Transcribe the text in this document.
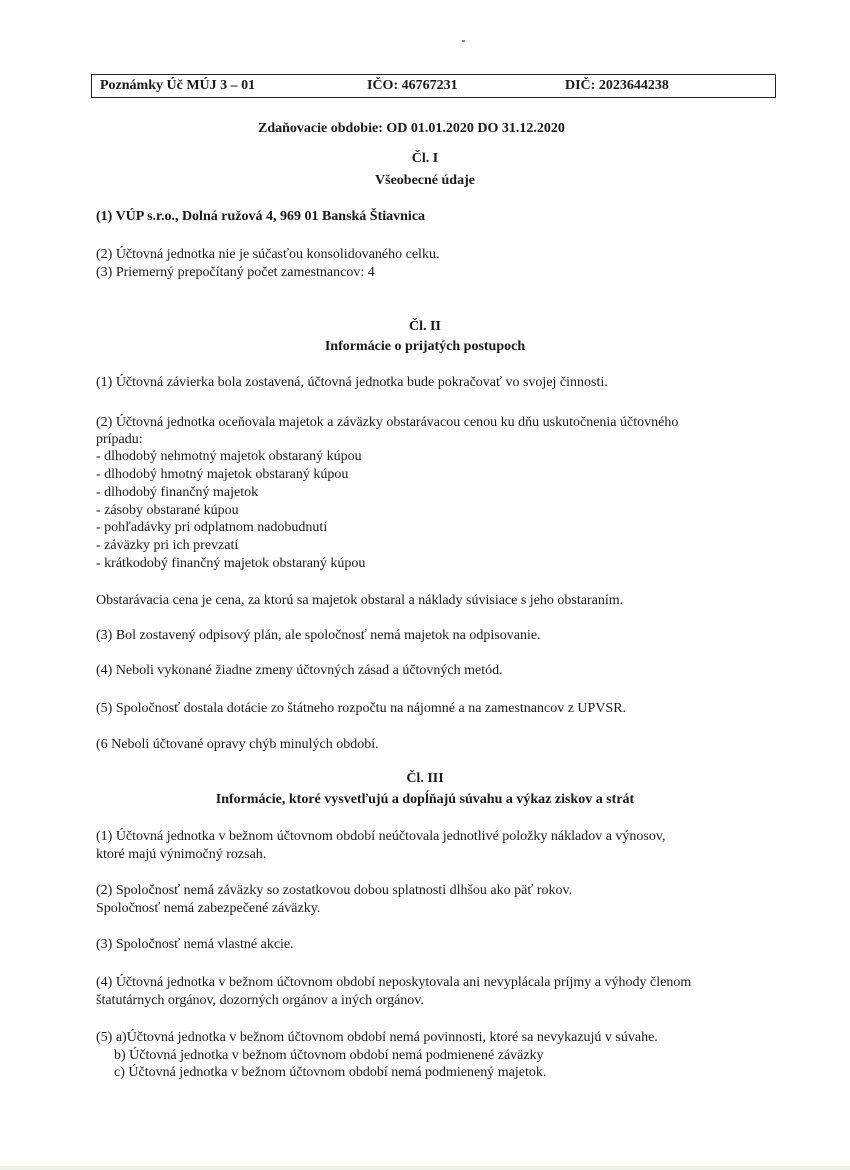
Poznámky Úč MÚJ 3 – 01	IČO: 46767231	DIČ: 2023644238
Zdaňovacie obdobie: OD 01.01.2020 DO 31.12.2020
Čl. I
Všeobecné údaje
(1) VÚP s.r.o., Dolná ružová 4, 969 01 Banská Štiavnica
(2) Účtovná jednotka nie je súčasťou konsolidovaného celku.
(3) Priemerný prepočítaný počet zamestnancov: 4
Čl. II
Informácie o prijatých postupoch
(1) Účtovná závierka bola zostavená, účtovná jednotka bude pokračovať vo svojej činnosti.
(2) Účtovná jednotka oceňovala majetok a záväzky obstarávacou cenou ku dňu uskutočnenia účtovného
prípadu:
- dlhodobý nehmotný majetok obstaraný kúpou
- dlhodobý hmotný majetok obstaraný kúpou
- dlhodobý finančný majetok
- zásoby obstarané kúpou
- pohľadávky pri odplatnom nadobudnutí
- záväzky pri ich prevzatí
- krátkodobý finančný majetok obstaraný kúpou
Obstarávacia cena je cena, za ktorú sa majetok obstaral a náklady súvisiace s jeho obstaraním.
(3) Bol zostavený odpisový plán, ale spoločnosť nemá majetok na odpisovanie.
(4) Neboli vykonané žiadne zmeny účtovných zásad a účtovných metód.
(5) Spoločnosť dostala dotácie zo štátneho rozpočtu na nájomné a na zamestnancov z UPVSR.
(6 Neboli účtované opravy chýb minulých období.
Čl. III
Informácie, ktoré vysvetľujú a dopĺňajú súvahu a výkaz ziskov a strát
(1) Účtovná jednotka v bežnom účtovnom období neúčtovala jednotlivé položky nákladov a výnosov,
ktoré majú výnimočný rozsah.
(2) Spoločnosť nemá záväzky so zostatkovou dobou splatnosti dlhšou ako päť rokov.
Spoločnosť nemá zabezpečené záväzky.
(3) Spoločnosť nemá vlastné akcie.
(4) Účtovná jednotka v bežnom účtovnom období neposkytovala ani nevyplácala príjmy a výhody členom
štatutárnych orgánov, dozorných orgánov a iných orgánov.
(5) a)Účtovná jednotka v bežnom účtovnom období nemá povinnosti, ktoré sa nevykazujú v súvahe.
b) Účtovná jednotka v bežnom účtovnom období nemá podmienené záväzky
c) Účtovná jednotka v bežnom účtovnom období nemá podmienený majetok.
